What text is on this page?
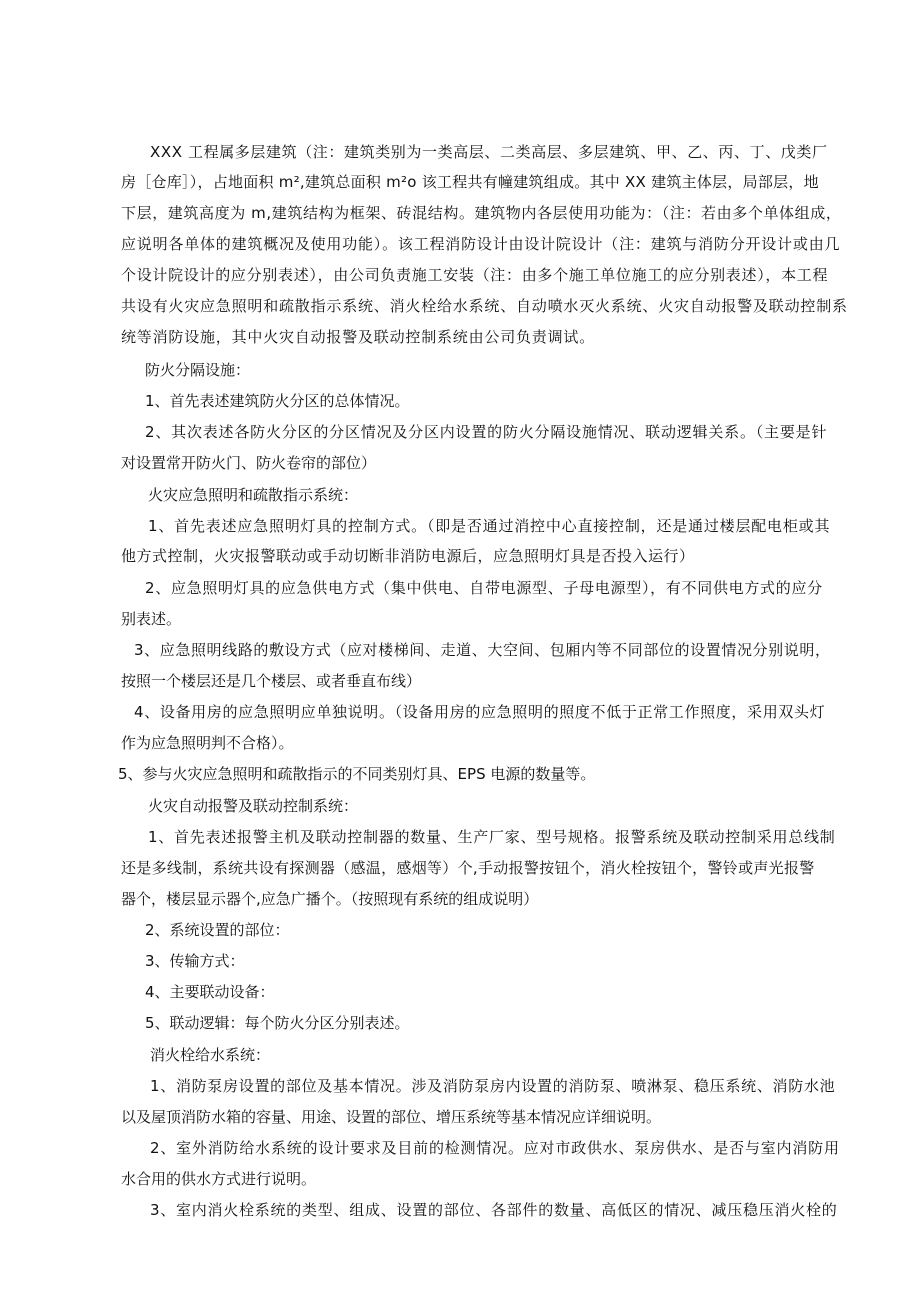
XXX 工程属多层建筑（注：建筑类别为一类高层、二类高层、多层建筑、甲、乙、丙、丁、戊类厂
房［仓库］），占地面积 m²,建筑总面积 m²o 该工程共有幢建筑组成。其中 XX 建筑主体层，局部层，地
下层，建筑高度为 m,建筑结构为框架、砖混结构。建筑物内各层使用功能为：（注：若由多个单体组成，
应说明各单体的建筑概况及使用功能）。该工程消防设计由设计院设计（注：建筑与消防分开设计或由几
个设计院设计的应分别表述），由公司负责施工安装（注：由多个施工单位施工的应分别表述），本工程
共设有火灾应急照明和疏散指示系统、消火栓给水系统、自动喷水灭火系统、火灾自动报警及联动控制系
统等消防设施，其中火灾自动报警及联动控制系统由公司负责调试。
防火分隔设施：
1、首先表述建筑防火分区的总体情况。
2、其次表述各防火分区的分区情况及分区内设置的防火分隔设施情况、联动逻辑关系。（主要是针
对设置常开防火门、防火卷帘的部位）
火灾应急照明和疏散指示系统：
1、首先表述应急照明灯具的控制方式。（即是否通过消控中心直接控制，还是通过楼层配电柜或其
他方式控制，火灾报警联动或手动切断非消防电源后，应急照明灯具是否投入运行）
2、应急照明灯具的应急供电方式（集中供电、自带电源型、子母电源型），有不同供电方式的应分
别表述。
3、应急照明线路的敷设方式（应对楼梯间、走道、大空间、包厢内等不同部位的设置情况分别说明，
按照一个楼层还是几个楼层、或者垂直布线）
4、设备用房的应急照明应单独说明。（设备用房的应急照明的照度不低于正常工作照度，采用双头灯
作为应急照明判不合格）。
5、参与火灾应急照明和疏散指示的不同类别灯具、EPS 电源的数量等。
火灾自动报警及联动控制系统：
1、首先表述报警主机及联动控制器的数量、生产厂家、型号规格。报警系统及联动控制采用总线制
还是多线制，系统共设有探测器（感温，感烟等）个,手动报警按钮个，消火栓按钮个，警铃或声光报警
器个，楼层显示器个,应急广播个。（按照现有系统的组成说明）
2、系统设置的部位：
3、传输方式：
4、主要联动设备：
5、联动逻辑：每个防火分区分别表述。
消火栓给水系统：
1、消防泵房设置的部位及基本情况。涉及消防泵房内设置的消防泵、喷淋泵、稳压系统、消防水池
以及屋顶消防水箱的容量、用途、设置的部位、增压系统等基本情况应详细说明。
2、室外消防给水系统的设计要求及目前的检测情况。应对市政供水、泵房供水、是否与室内消防用
水合用的供水方式进行说明。
3、室内消火栓系统的类型、组成、设置的部位、各部件的数量、高低区的情况、减压稳压消火栓的
